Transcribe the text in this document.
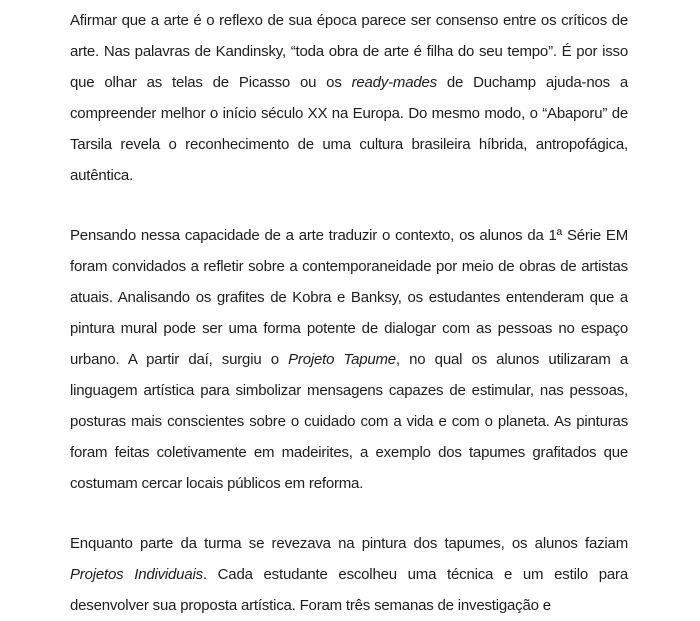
Afirmar que a arte é o reflexo de sua época parece ser consenso entre os críticos de arte. Nas palavras de Kandinsky, “toda obra de arte é filha do seu tempo”. É por isso que olhar as telas de Picasso ou os ready-mades de Duchamp ajuda-nos a compreender melhor o início século XX na Europa. Do mesmo modo, o “Abaporu” de Tarsila revela o reconhecimento de uma cultura brasileira híbrida, antropofágica, autêntica.

Pensando nessa capacidade de a arte traduzir o contexto, os alunos da 1ª Série EM foram convidados a refletir sobre a contemporaneidade por meio de obras de artistas atuais. Analisando os grafites de Kobra e Banksy, os estudantes entenderam que a pintura mural pode ser uma forma potente de dialogar com as pessoas no espaço urbano. A partir daí, surgiu o Projeto Tapume, no qual os alunos utilizaram a linguagem artística para simbolizar mensagens capazes de estimular, nas pessoas, posturas mais conscientes sobre o cuidado com a vida e com o planeta. As pinturas foram feitas coletivamente em madeirites, a exemplo dos tapumes grafitados que costumam cercar locais públicos em reforma.

Enquanto parte da turma se revezava na pintura dos tapumes, os alunos faziam Projetos Individuais. Cada estudante escolheu uma técnica e um estilo para desenvolver sua proposta artística. Foram três semanas de investigação e
